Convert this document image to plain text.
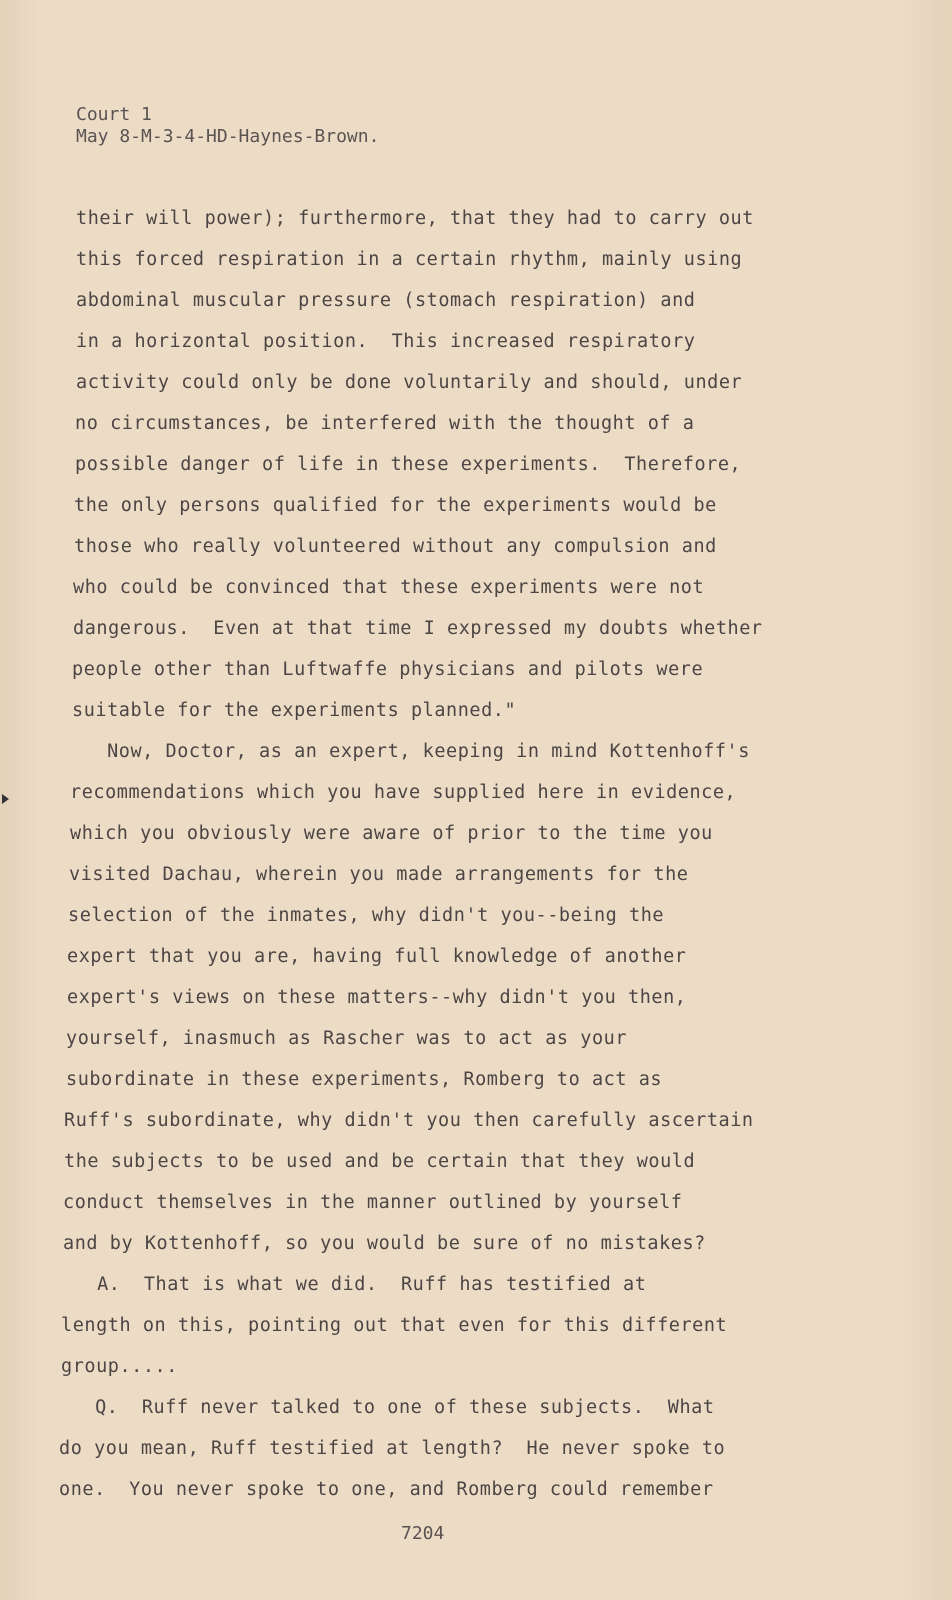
Court 1
May 8-M-3-4-HD-Haynes-Brown.
their will power); furthermore, that they had to carry out
this forced respiration in a certain rhythm, mainly using
abdominal muscular pressure (stomach respiration) and
in a horizontal position.  This increased respiratory
activity could only be done voluntarily and should, under
no circumstances, be interfered with the thought of a
possible danger of life in these experiments.  Therefore,
the only persons qualified for the experiments would be
those who really volunteered without any compulsion and
who could be convinced that these experiments were not
dangerous.  Even at that time I expressed my doubts whether
people other than Luftwaffe physicians and pilots were
suitable for the experiments planned."
Now, Doctor, as an expert, keeping in mind Kottenhoff's
recommendations which you have supplied here in evidence,
which you obviously were aware of prior to the time you
visited Dachau, wherein you made arrangements for the
selection of the inmates, why didn't you--being the
expert that you are, having full knowledge of another
expert's views on these matters--why didn't you then,
yourself, inasmuch as Rascher was to act as your
subordinate in these experiments, Romberg to act as
Ruff's subordinate, why didn't you then carefully ascertain
the subjects to be used and be certain that they would
conduct themselves in the manner outlined by yourself
and by Kottenhoff, so you would be sure of no mistakes?
A.  That is what we did.  Ruff has testified at
length on this, pointing out that even for this different
group.....
Q.  Ruff never talked to one of these subjects.  What
do you mean, Ruff testified at length?  He never spoke to
one.  You never spoke to one, and Romberg could remember
7204
